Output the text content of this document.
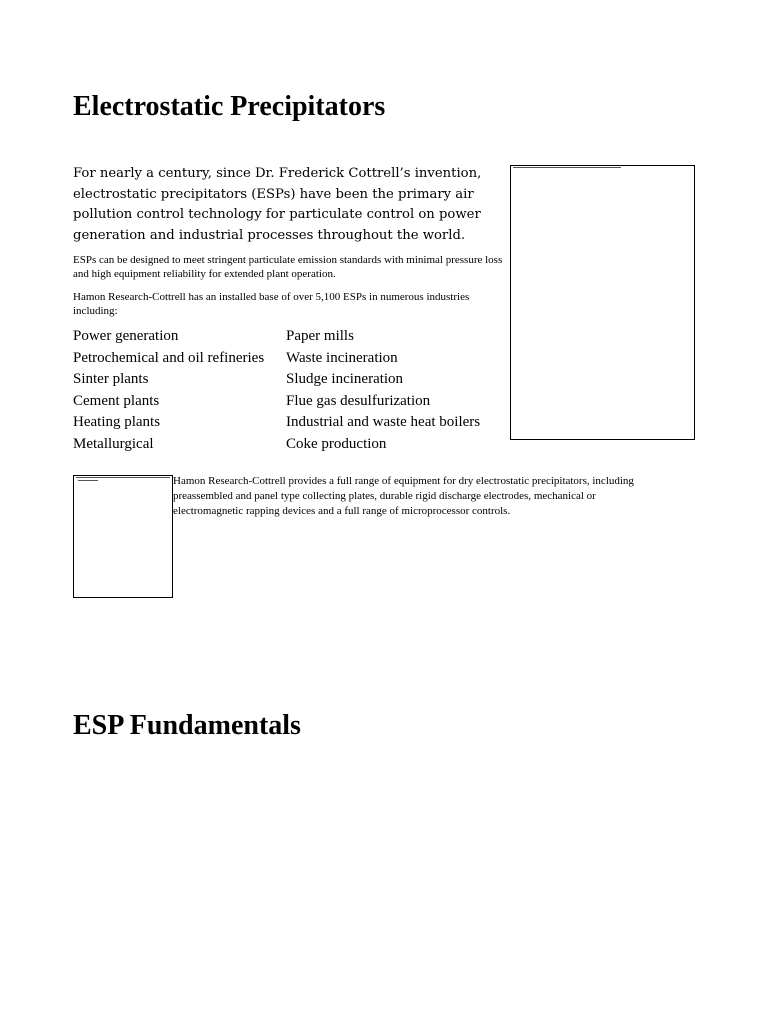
Electrostatic Precipitators
For nearly a century, since Dr. Frederick Cottrell’s invention,
electrostatic precipitators (ESPs) have been the primary air
pollution control technology for particulate control on power
generation and industrial processes throughout the world.
ESPs can be designed to meet stringent particulate emission standards with minimal pressure loss and high equipment reliability for extended plant operation.
Hamon Research-Cottrell has an installed base of over 5,100 ESPs in numerous industries including:
Power generation	Paper mills
Petrochemical and oil refineries	Waste incineration
Sinter plants	Sludge incineration
Cement plants	Flue gas desulfurization
Heating plants	Industrial and waste heat boilers
Metallurgical	Coke production
Hamon Research-Cottrell provides a full range of equipment for dry electrostatic precipitators, including
preassembled and panel type collecting plates, durable rigid discharge electrodes, mechanical or
electromagnetic rapping devices and a full range of microprocessor controls.
ESP Fundamentals
